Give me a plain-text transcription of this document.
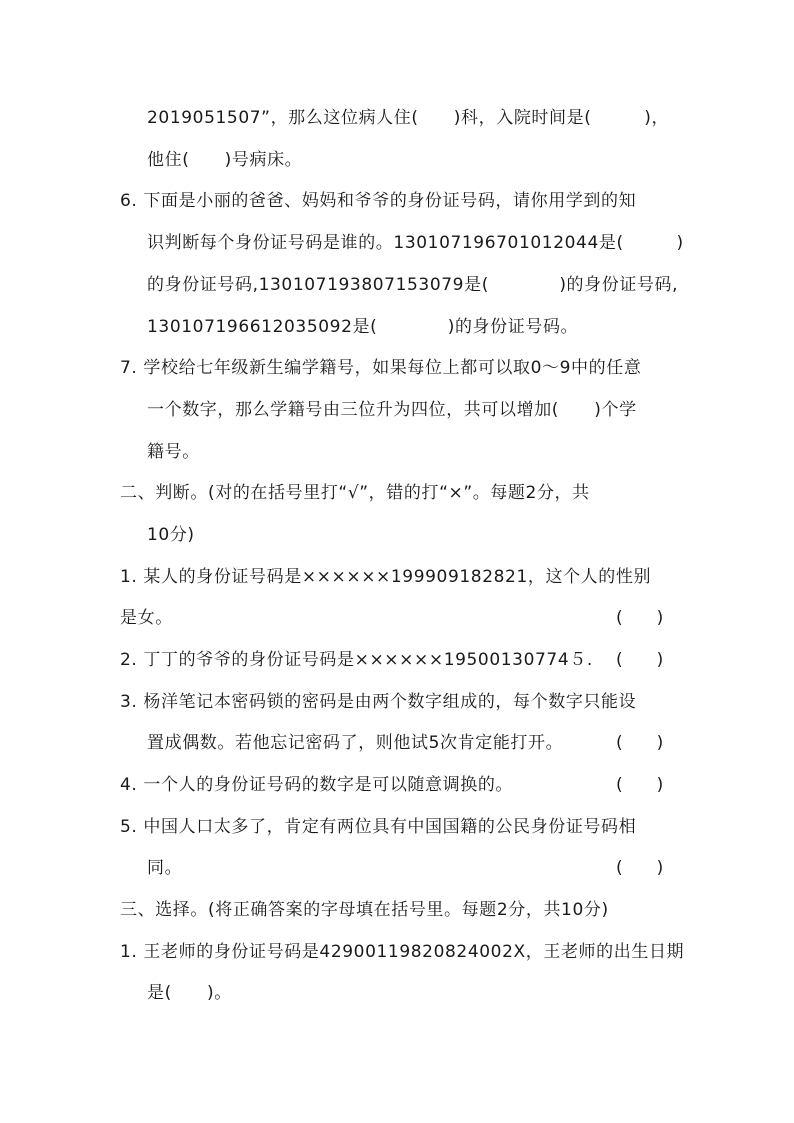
2019051507”，那么这位病人住(　　)科，入院时间是(　　　)，
他住(　　)号病床。
6. 下面是小丽的爸爸、妈妈和爷爷的身份证号码，请你用学到的知
识判断每个身份证号码是谁的。130107196701012044是(　　　)
的身份证号码,130107193807153079是(　　　　)的身份证号码,
130107196612035092是(　　　　)的身份证号码。
7. 学校给七年级新生编学籍号，如果每位上都可以取0～9中的任意
一个数字，那么学籍号由三位升为四位，共可以增加(　　)个学
籍号。
二、判断。(对的在括号里打“√”，错的打“×”。每题2分，共
10分)
1. 某人的身份证号码是××××××199909182821，这个人的性别
是女。	(　　)
2. 丁丁的爷爷的身份证号码是××××××19500130774５. (　　)
3. 杨洋笔记本密码锁的密码是由两个数字组成的，每个数字只能设
置成偶数。若他忘记密码了，则他试5次肯定能打开。	(　　)
4. 一个人的身份证号码的数字是可以随意调换的。	(　　)
5. 中国人口太多了，肯定有两位具有中国国籍的公民身份证号码相
同。	(　　)
三、选择。(将正确答案的字母填在括号里。每题2分，共10分)
1. 王老师的身份证号码是42900119820824002X，王老师的出生日期
是(　　)。
